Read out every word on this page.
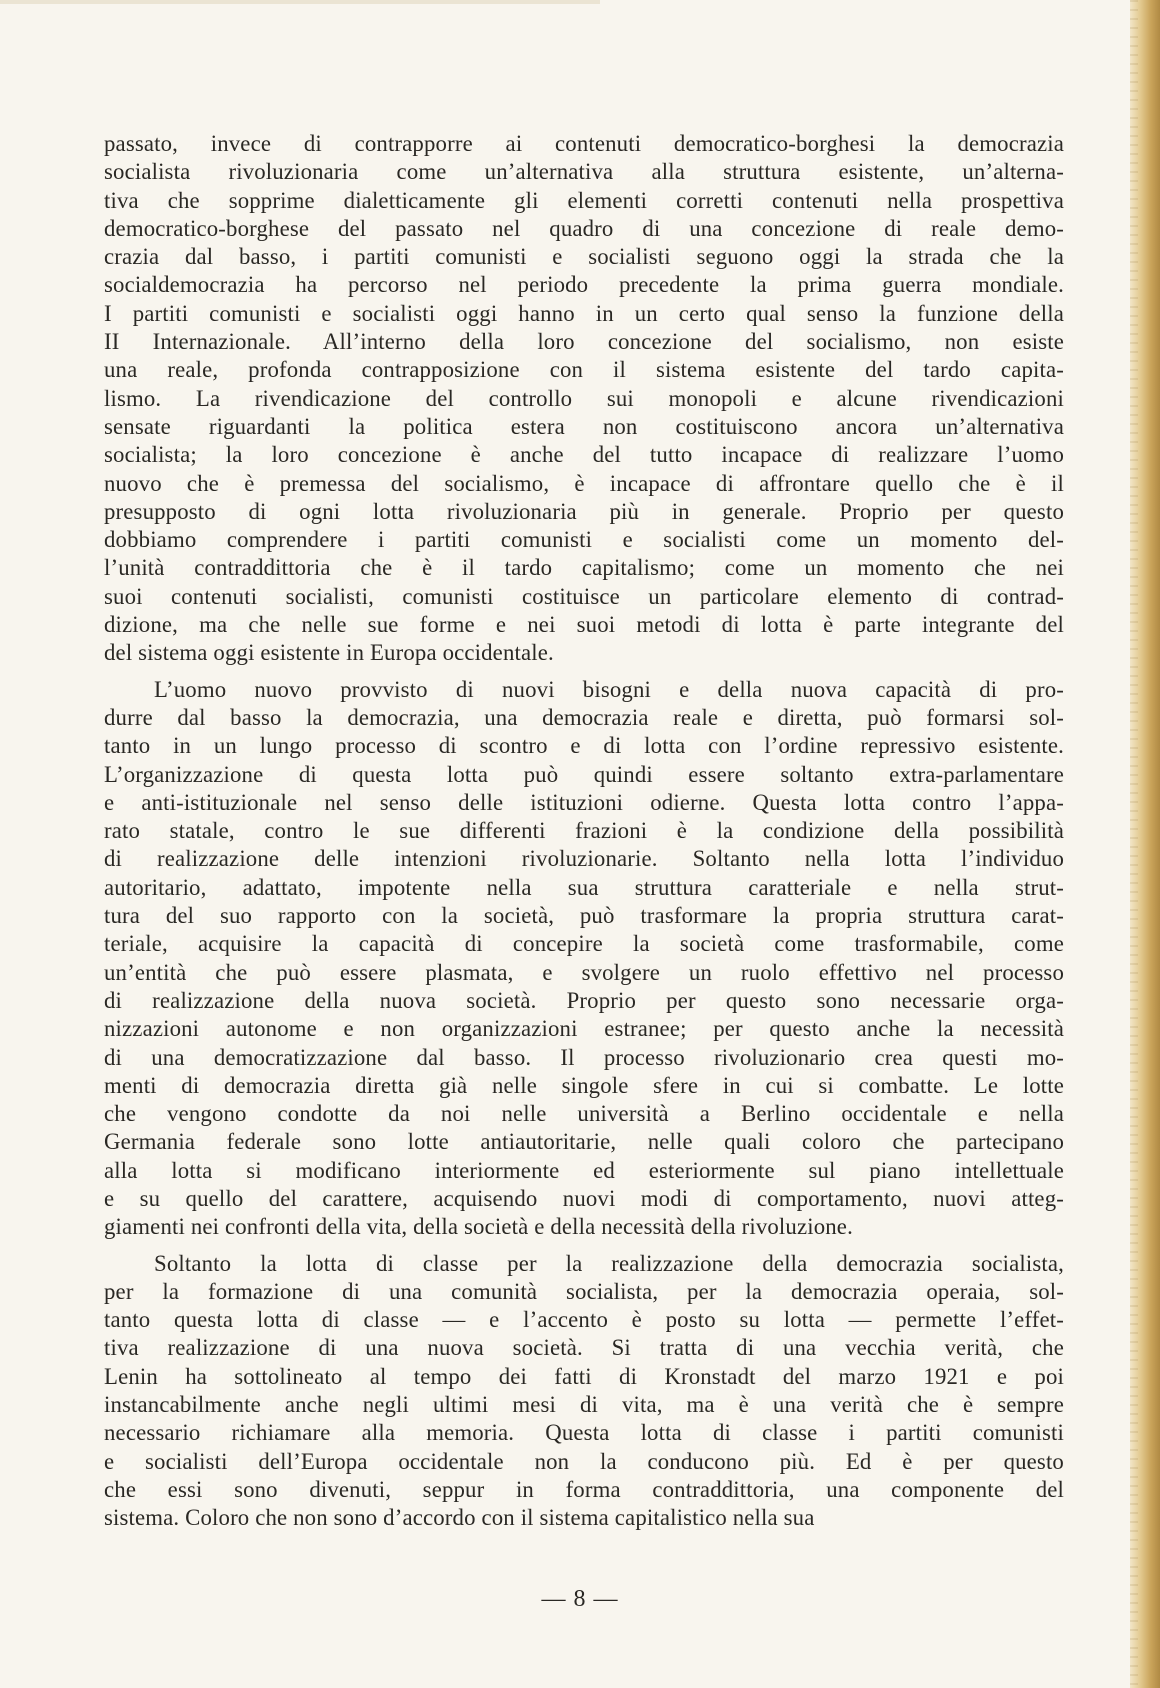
passato, invece di contrapporre ai contenuti democratico-borghesi la democrazia
socialista rivoluzionaria come un’alternativa alla struttura esistente, un’alterna-
tiva che sopprime dialetticamente gli elementi corretti contenuti nella prospettiva
democratico-borghese del passato nel quadro di una concezione di reale demo-
crazia dal basso, i partiti comunisti e socialisti seguono oggi la strada che la
socialdemocrazia ha percorso nel periodo precedente la prima guerra mondiale.
I partiti comunisti e socialisti oggi hanno in un certo qual senso la funzione della
II Internazionale. All’interno della loro concezione del socialismo, non esiste
una reale, profonda contrapposizione con il sistema esistente del tardo capita-
lismo. La rivendicazione del controllo sui monopoli e alcune rivendicazioni
sensate riguardanti la politica estera non costituiscono ancora un’alternativa
socialista; la loro concezione è anche del tutto incapace di realizzare l’uomo
nuovo che è premessa del socialismo, è incapace di affrontare quello che è il
presupposto di ogni lotta rivoluzionaria più in generale. Proprio per questo
dobbiamo comprendere i partiti comunisti e socialisti come un momento del-
l’unità contraddittoria che è il tardo capitalismo; come un momento che nei
suoi contenuti socialisti, comunisti costituisce un particolare elemento di contrad-
dizione, ma che nelle sue forme e nei suoi metodi di lotta è parte integrante del
del sistema oggi esistente in Europa occidentale.

L’uomo nuovo provvisto di nuovi bisogni e della nuova capacità di pro-
durre dal basso la democrazia, una democrazia reale e diretta, può formarsi sol-
tanto in un lungo processo di scontro e di lotta con l’ordine repressivo esistente.
L’organizzazione di questa lotta può quindi essere soltanto extra-parlamentare
e anti-istituzionale nel senso delle istituzioni odierne. Questa lotta contro l’appa-
rato statale, contro le sue differenti frazioni è la condizione della possibilità
di realizzazione delle intenzioni rivoluzionarie. Soltanto nella lotta l’individuo
autoritario, adattato, impotente nella sua struttura caratteriale e nella strut-
tura del suo rapporto con la società, può trasformare la propria struttura carat-
teriale, acquisire la capacità di concepire la società come trasformabile, come
un’entità che può essere plasmata, e svolgere un ruolo effettivo nel processo
di realizzazione della nuova società. Proprio per questo sono necessarie orga-
nizzazioni autonome e non organizzazioni estranee; per questo anche la necessità
di una democratizzazione dal basso. Il processo rivoluzionario crea questi mo-
menti di democrazia diretta già nelle singole sfere in cui si combatte. Le lotte
che vengono condotte da noi nelle università a Berlino occidentale e nella
Germania federale sono lotte antiautoritarie, nelle quali coloro che partecipano
alla lotta si modificano interiormente ed esteriormente sul piano intellettuale
e su quello del carattere, acquisendo nuovi modi di comportamento, nuovi atteg-
giamenti nei confronti della vita, della società e della necessità della rivoluzione.

Soltanto la lotta di classe per la realizzazione della democrazia socialista,
per la formazione di una comunità socialista, per la democrazia operaia, sol-
tanto questa lotta di classe — e l’accento è posto su lotta — permette l’effet-
tiva realizzazione di una nuova società. Si tratta di una vecchia verità, che
Lenin ha sottolineato al tempo dei fatti di Kronstadt del marzo 1921 e poi
instancabilmente anche negli ultimi mesi di vita, ma è una verità che è sempre
necessario richiamare alla memoria. Questa lotta di classe i partiti comunisti
e socialisti dell’Europa occidentale non la conducono più. Ed è per questo
che essi sono divenuti, seppur in forma contraddittoria, una componente del
sistema. Coloro che non sono d’accordo con il sistema capitalistico nella sua

— 8 —
